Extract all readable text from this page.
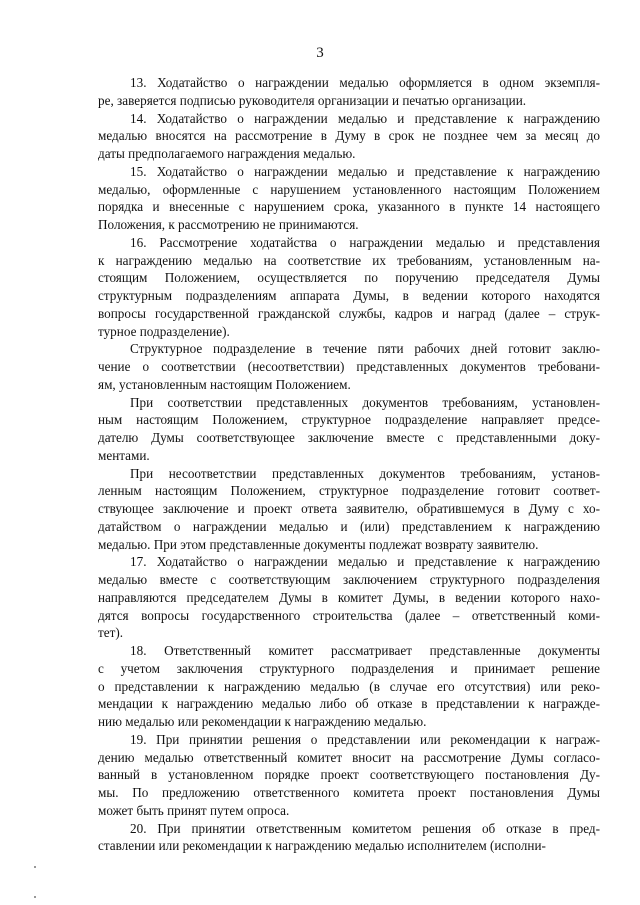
3

13. Ходатайство о награждении медалью оформляется в одном экземпля-
ре, заверяется подписью руководителя организации и печатью организации.

14. Ходатайство о награждении медалью и представление к награждению
медалью вносятся на рассмотрение в Думу в срок не позднее чем за месяц до
даты предполагаемого награждения медалью.

15. Ходатайство о награждении медалью и представление к награждению
медалью, оформленные с нарушением установленного настоящим Положением
порядка и внесенные с нарушением срока, указанного в пункте 14 настоящего
Положения, к рассмотрению не принимаются.

16. Рассмотрение ходатайства о награждении медалью и представления
к награждению медалью на соответствие их требованиям, установленным на-
стоящим Положением, осуществляется по поручению председателя Думы
структурным подразделениям аппарата Думы, в ведении которого находятся
вопросы государственной гражданской службы, кадров и наград (далее – струк-
турное подразделение).

Структурное подразделение в течение пяти рабочих дней готовит заклю-
чение о соответствии (несоответствии) представленных документов требовани-
ям, установленным настоящим Положением.

При соответствии представленных документов требованиям, установлен-
ным настоящим Положением, структурное подразделение направляет предсе-
дателю Думы соответствующее заключение вместе с представленными доку-
ментами.

При несоответствии представленных документов требованиям, установ-
ленным настоящим Положением, структурное подразделение готовит соответ-
ствующее заключение и проект ответа заявителю, обратившемуся в Думу с хо-
датайством о награждении медалью и (или) представлением к награждению
медалью. При этом представленные документы подлежат возврату заявителю.

17. Ходатайство о награждении медалью и представление к награждению
медалью вместе с соответствующим заключением структурного подразделения
направляются председателем Думы в комитет Думы, в ведении которого нахо-
дятся вопросы государственного строительства (далее – ответственный коми-
тет).

18. Ответственный комитет рассматривает представленные документы
с учетом заключения структурного подразделения и принимает решение
о представлении к награждению медалью (в случае его отсутствия) или реко-
мендации к награждению медалью либо об отказе в представлении к награжде-
нию медалью или рекомендации к награждению медалью.

19. При принятии решения о представлении или рекомендации к награж-
дению медалью ответственный комитет вносит на рассмотрение Думы согласо-
ванный в установленном порядке проект соответствующего постановления Ду-
мы. По предложению ответственного комитета проект постановления Думы
может быть принят путем опроса.

20. При принятии ответственным комитетом решения об отказе в пред-
ставлении или рекомендации к награждению медалью исполнителем (исполни-
